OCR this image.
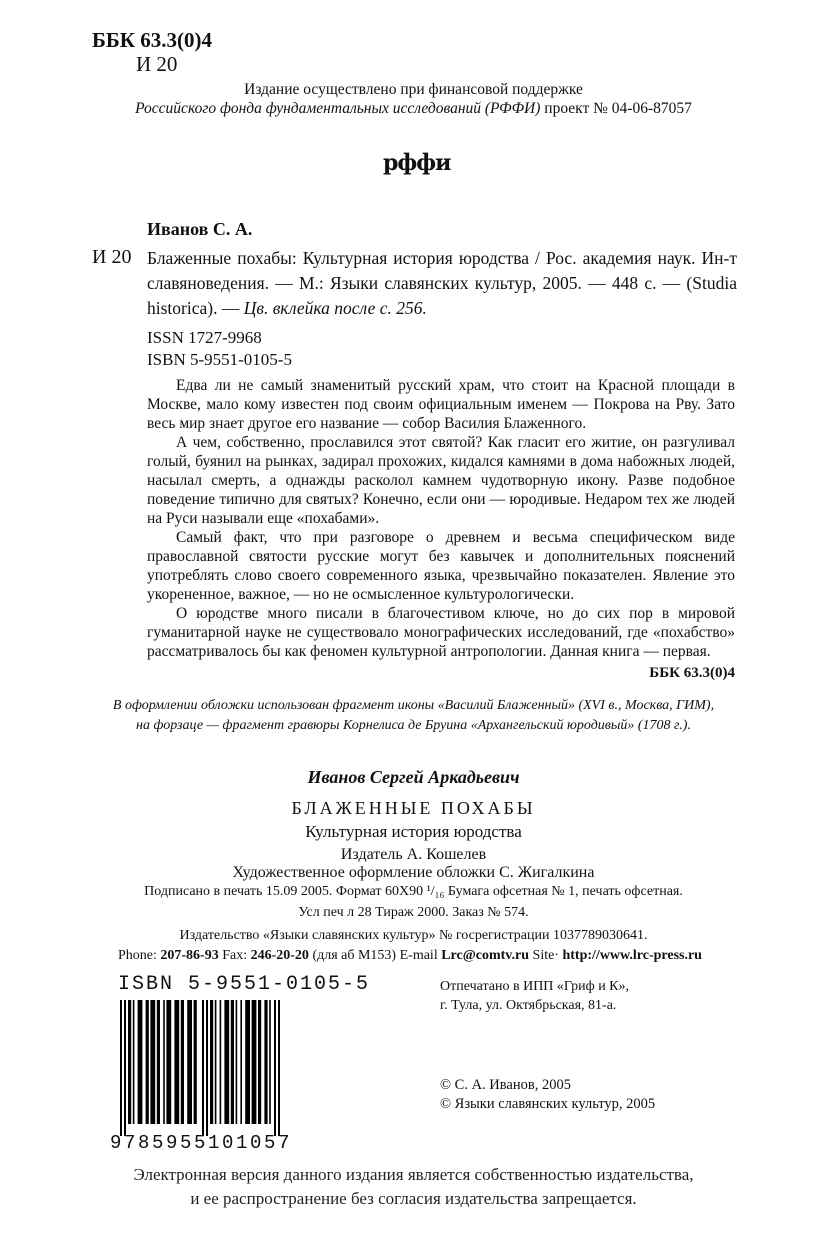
ББК 63.3(0)4
И 20
Издание осуществлено при финансовой поддержке
Российского фонда фундаментальных исследований (РФФИ) проект № 04-06-87057
рффи
Иванов С. А.
И 20 Блаженные похабы: Культурная история юродства / Рос. академия наук. Ин-т славяноведения. — М.: Языки славянских культур, 2005. — 448 с. — (Studia historica). — Цв. вклейка после с. 256.
ISSN 1727-9968
ISBN 5-9551-0105-5

Едва ли не самый знаменитый русский храм, что стоит на Красной площади в Москве, мало кому известен под своим официальным именем — Покрова на Рву. Зато весь мир знает другое его название — собор Василия Блаженного.

А чем, собственно, прославился этот святой? Как гласит его житие, он разгуливал голый, буянил на рынках, задирал прохожих, кидался камнями в дома набожных людей, насылал смерть, а однажды расколол камнем чудотворную икону. Разве подобное поведение типично для святых? Конечно, если они — юродивые. Недаром тех же людей на Руси называли еще «похабами».

Самый факт, что при разговоре о древнем и весьма специфическом виде православной святости русские могут без кавычек и дополнительных пояснений употреблять слово своего современного языка, чрезвычайно показателен. Явление это укорененное, важное, — но не осмысленное культурологически.

О юродстве много писали в благочестивом ключе, но до сих пор в мировой гуманитарной науке не существовало монографических исследований, где «похабство» рассматривалось бы как феномен культурной антропологии. Данная книга — первая.

ББК 63.3(0)4
В оформлении обложки использован фрагмент иконы «Василий Блаженный» (XVI в., Москва, ГИМ),
на форзаце — фрагмент гравюры Корнелиса де Бруина «Архангельский юродивый» (1708 г.).
Иванов Сергей Аркадьевич
БЛАЖЕННЫЕ ПОХАБЫ
Культурная история юродства
Издатель А. Кошелев
Художественное оформление обложки С. Жигалкина
Подписано в печать 15.09 2005. Формат 60Х90 ¹/₁₆ Бумага офсетная № 1, печать офсетная.
Усл печ л 28 Тираж 2000. Заказ № 574.
Издательство «Языки славянских культур» № госрегистрации 1037789030641.
Phone: 207-86-93 Fax: 246-20-20 (для аб М153) E-mail Lrc@comtv.ru Site· http://www.lrc-press.ru
ISBN 5-9551-0105-5
9785955101057
Отпечатано в ИПП «Гриф и К»,
г. Тула, ул. Октябрьская, 81-а.
© С. А. Иванов, 2005
© Языки славянских культур, 2005
Электронная версия данного издания является собственностью издательства,
и ее распространение без согласия издательства запрещается.
